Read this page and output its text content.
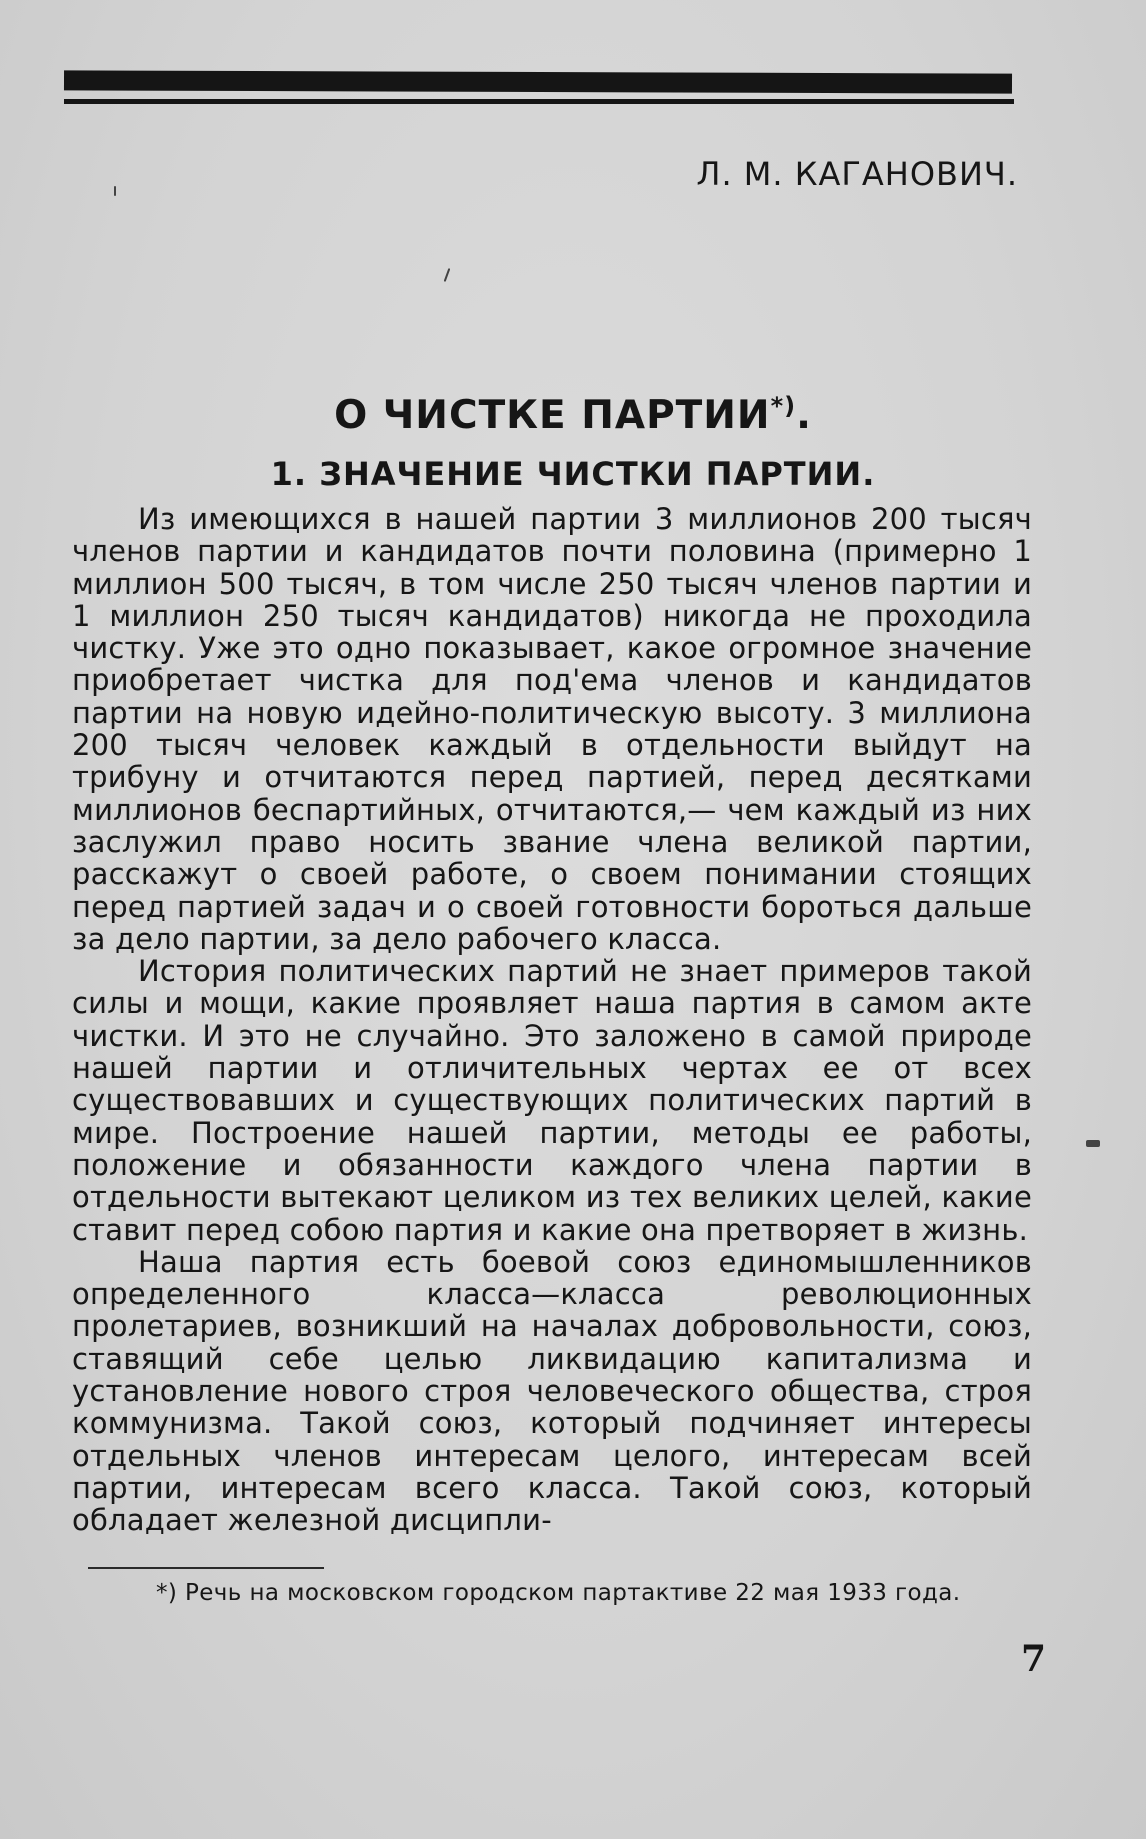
Л. М. КАГАНОВИЧ.

О ЧИСТКЕ ПАРТИИ*).
1. ЗНАЧЕНИЕ ЧИСТКИ ПАРТИИ.

Из имеющихся в нашей партии 3 миллионов 200 тысяч членов партии и кандидатов почти половина (примерно 1 миллион 500 тысяч, в том числе 250 тысяч членов партии и 1 миллион 250 тысяч кандидатов) никогда не проходила чистку. Уже это одно показывает, какое огромное значение приобретает чистка для под'ема членов и кандидатов партии на новую идейно-политическую высоту. 3 миллиона 200 тысяч человек каждый в отдельности выйдут на трибуну и отчитаются перед партией, перед десятками миллионов беспартийных, отчитаются,— чем каждый из них заслужил право носить звание члена великой партии, расскажут о своей работе, о своем понимании стоящих перед партией задач и о своей готовности бороться дальше за дело партии, за дело рабочего класса.

История политических партий не знает примеров такой силы и мощи, какие проявляет наша партия в самом акте чистки. И это не случайно. Это заложено в самой природе нашей партии и отличительных чертах ее от всех существовавших и существующих политических партий в мире. Построение нашей партии, методы ее работы, положение и обязанности каждого члена партии в отдельности вытекают целиком из тех великих целей, какие ставит перед собою партия и какие она претворяет в жизнь.

Наша партия есть боевой союз единомышленников определенного класса—класса революционных пролетариев, возникший на началах добровольности, союз, ставящий себе целью ликвидацию капитализма и установление нового строя человеческого общества, строя коммунизма. Такой союз, который подчиняет интересы отдельных членов интересам целого, интересам всей партии, интересам всего класса. Такой союз, который обладает железной дисципли-

*) Речь на московском городском партактиве 22 мая 1933 года.

7
